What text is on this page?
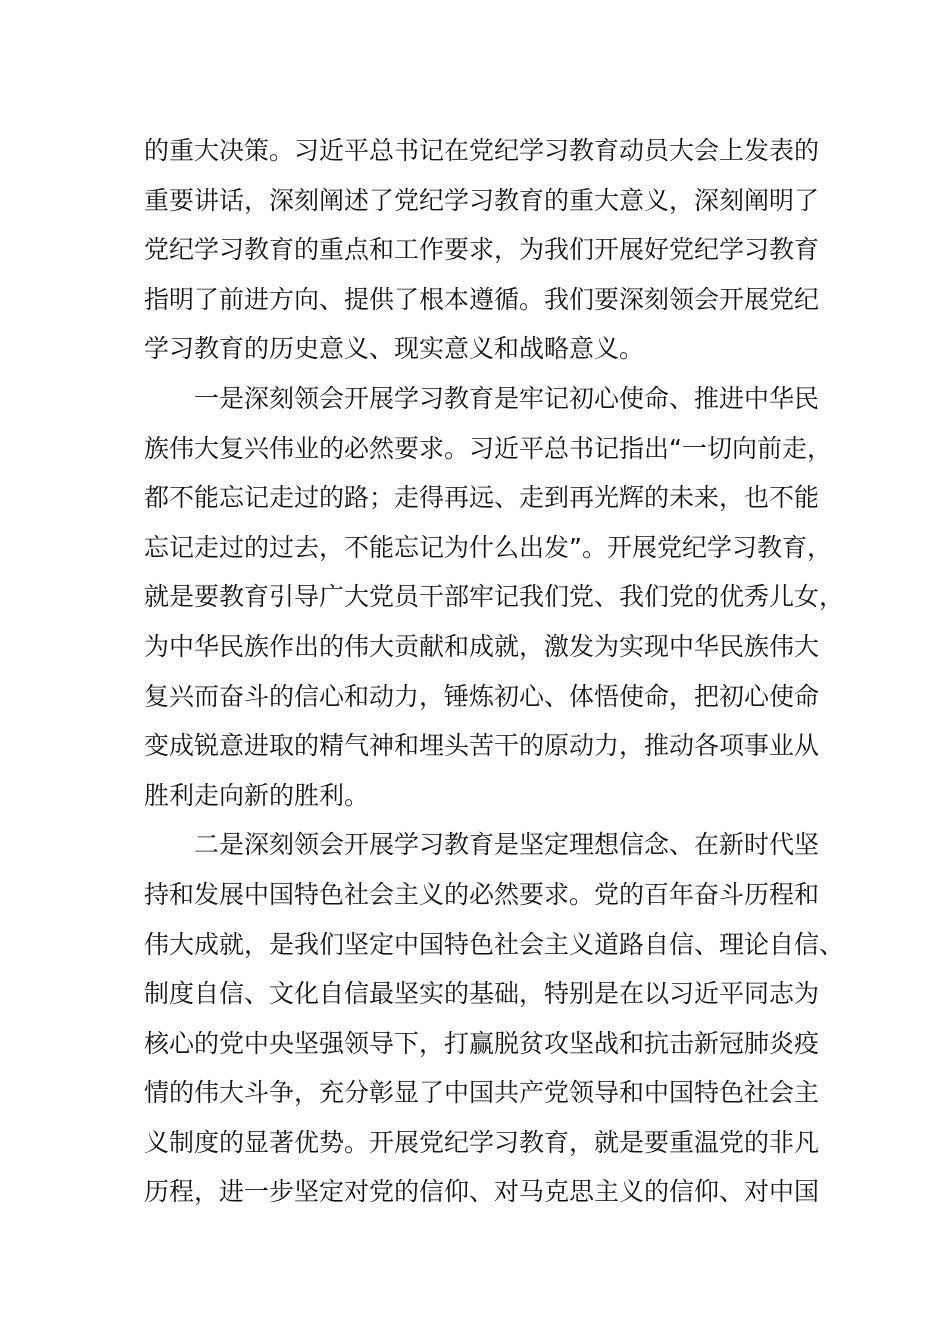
的重大决策。习近平总书记在党纪学习教育动员大会上发表的
重要讲话，深刻阐述了党纪学习教育的重大意义，深刻阐明了
党纪学习教育的重点和工作要求，为我们开展好党纪学习教育
指明了前进方向、提供了根本遵循。我们要深刻领会开展党纪
学习教育的历史意义、现实意义和战略意义。
一是深刻领会开展学习教育是牢记初心使命、推进中华民
族伟大复兴伟业的必然要求。习近平总书记指出“一切向前走，
都不能忘记走过的路；走得再远、走到再光辉的未来，也不能
忘记走过的过去，不能忘记为什么出发”。开展党纪学习教育，
就是要教育引导广大党员干部牢记我们党、我们党的优秀儿女，
为中华民族作出的伟大贡献和成就，激发为实现中华民族伟大
复兴而奋斗的信心和动力，锤炼初心、体悟使命，把初心使命
变成锐意进取的精气神和埋头苦干的原动力，推动各项事业从
胜利走向新的胜利。
二是深刻领会开展学习教育是坚定理想信念、在新时代坚
持和发展中国特色社会主义的必然要求。党的百年奋斗历程和
伟大成就，是我们坚定中国特色社会主义道路自信、理论自信、
制度自信、文化自信最坚实的基础，特别是在以习近平同志为
核心的党中央坚强领导下，打赢脱贫攻坚战和抗击新冠肺炎疫
情的伟大斗争，充分彰显了中国共产党领导和中国特色社会主
义制度的显著优势。开展党纪学习教育，就是要重温党的非凡
历程，进一步坚定对党的信仰、对马克思主义的信仰、对中国
